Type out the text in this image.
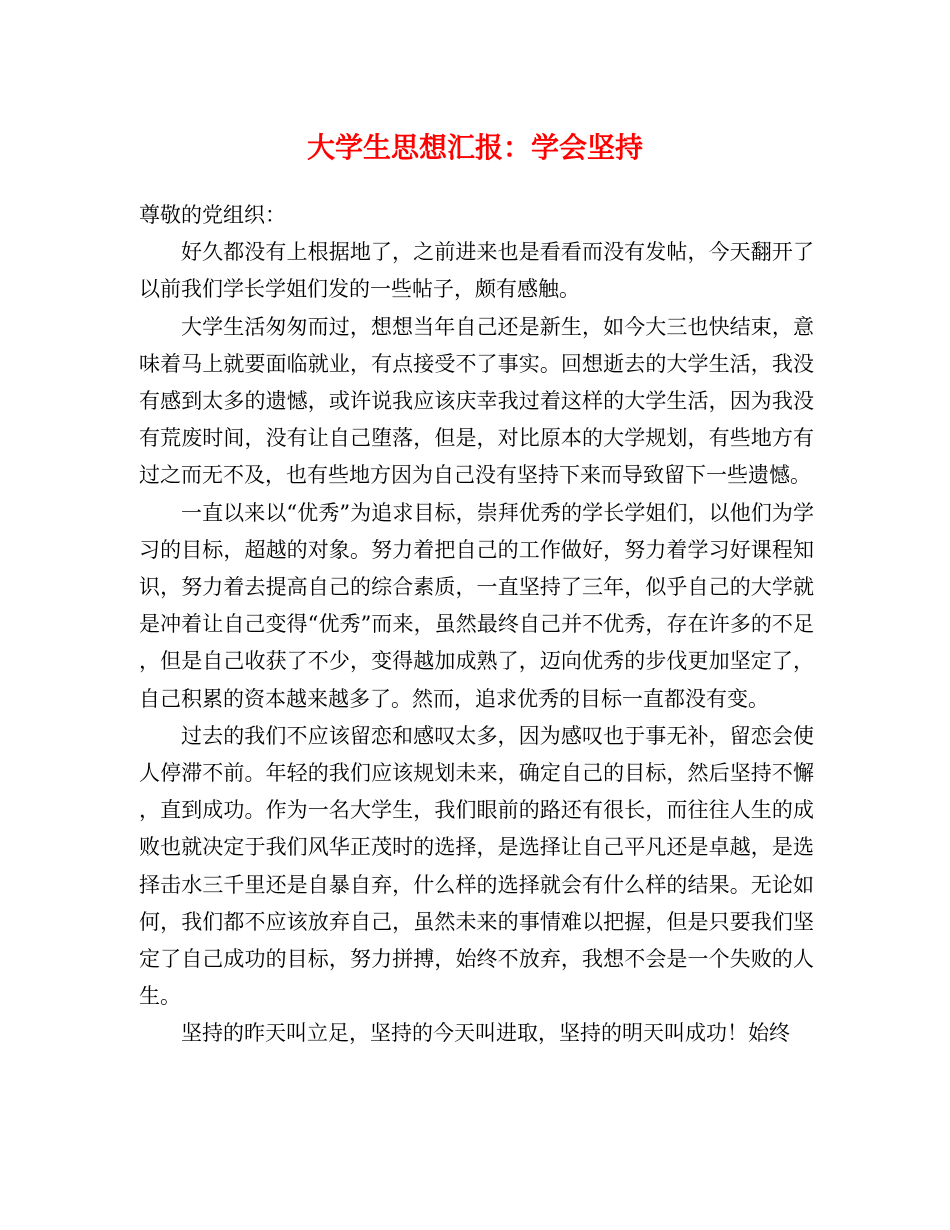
大学生思想汇报：学会坚持
尊敬的党组织：

好久都没有上根据地了，之前进来也是看看而没有发帖，今天翻开了以前我们学长学姐们发的一些帖子，颇有感触。

大学生活匆匆而过，想想当年自己还是新生，如今大三也快结束，意味着马上就要面临就业，有点接受不了事实。回想逝去的大学生活，我没有感到太多的遗憾，或许说我应该庆幸我过着这样的大学生活，因为我没有荒废时间，没有让自己堕落，但是，对比原本的大学规划，有些地方有过之而无不及，也有些地方因为自己没有坚持下来而导致留下一些遗憾。

一直以来以“优秀”为追求目标，崇拜优秀的学长学姐们，以他们为学习的目标，超越的对象。努力着把自己的工作做好，努力着学习好课程知识，努力着去提高自己的综合素质，一直坚持了三年，似乎自己的大学就是冲着让自己变得“优秀”而来，虽然最终自己并不优秀，存在许多的不足，但是自己收获了不少，变得越加成熟了，迈向优秀的步伐更加坚定了，自己积累的资本越来越多了。然而，追求优秀的目标一直都没有变。

过去的我们不应该留恋和感叹太多，因为感叹也于事无补，留恋会使人停滞不前。年轻的我们应该规划未来，确定自己的目标，然后坚持不懈，直到成功。作为一名大学生，我们眼前的路还有很长，而往往人生的成败也就决定于我们风华正茂时的选择，是选择让自己平凡还是卓越，是选择击水三千里还是自暴自弃，什么样的选择就会有什么样的结果。无论如何，我们都不应该放弃自己，虽然未来的事情难以把握，但是只要我们坚定了自己成功的目标，努力拼搏，始终不放弃，我想不会是一个失败的人生。

坚持的昨天叫立足，坚持的今天叫进取，坚持的明天叫成功！始终
